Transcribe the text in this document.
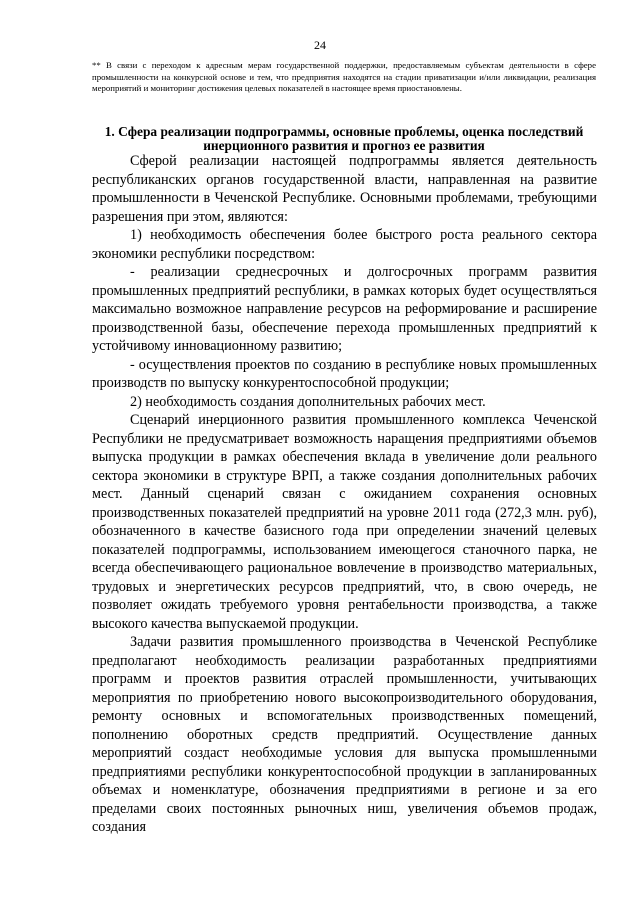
24
** В связи с переходом к адресным мерам государственной поддержки, предоставляемым субъектам деятельности в сфере промышленности на конкурсной основе и тем, что предприятия находятся на стадии приватизации и/или ликвидации, реализация мероприятий и мониторинг достижения целевых показателей в настоящее время приостановлены.
1. Сфера реализации подпрограммы, основные проблемы, оценка последствий инерционного развития и прогноз ее развития

Сферой реализации настоящей подпрограммы является деятельность республиканских органов государственной власти, направленная на развитие промышленности в Чеченской Республике. Основными проблемами, требующими разрешения при этом, являются:

1) необходимость обеспечения более быстрого роста реального сектора экономики республики посредством:

- реализации среднесрочных и долгосрочных программ развития промышленных предприятий республики, в рамках которых будет осуществляться максимально возможное направление ресурсов на реформирование и расширение производственной базы, обеспечение перехода промышленных предприятий к устойчивому инновационному развитию;

- осуществления проектов по созданию в республике новых промышленных производств по выпуску конкурентоспособной продукции;

2) необходимость создания дополнительных рабочих мест.

Сценарий инерционного развития промышленного комплекса Чеченской Республики не предусматривает возможность наращения предприятиями объемов выпуска продукции в рамках обеспечения вклада в увеличение доли реального сектора экономики в структуре ВРП, а также создания дополнительных рабочих мест. Данный сценарий связан с ожиданием сохранения основных производственных показателей предприятий на уровне 2011 года (272,3 млн. руб), обозначенного в качестве базисного года при определении значений целевых показателей подпрограммы, использованием имеющегося станочного парка, не всегда обеспечивающего рациональное вовлечение в производство материальных, трудовых и энергетических ресурсов предприятий, что, в свою очередь, не позволяет ожидать требуемого уровня рентабельности производства, а также высокого качества выпускаемой продукции.

Задачи развития промышленного производства в Чеченской Республике предполагают необходимость реализации разработанных предприятиями программ и проектов развития отраслей промышленности, учитывающих мероприятия по приобретению нового высокопроизводительного оборудования, ремонту основных и вспомогательных производственных помещений, пополнению оборотных средств предприятий. Осуществление данных мероприятий создаст необходимые условия для выпуска промышленными предприятиями республики конкурентоспособной продукции в запланированных объемах и номенклатуре, обозначения предприятиями в регионе и за его пределами своих постоянных рыночных ниш, увеличения объемов продаж, создания
